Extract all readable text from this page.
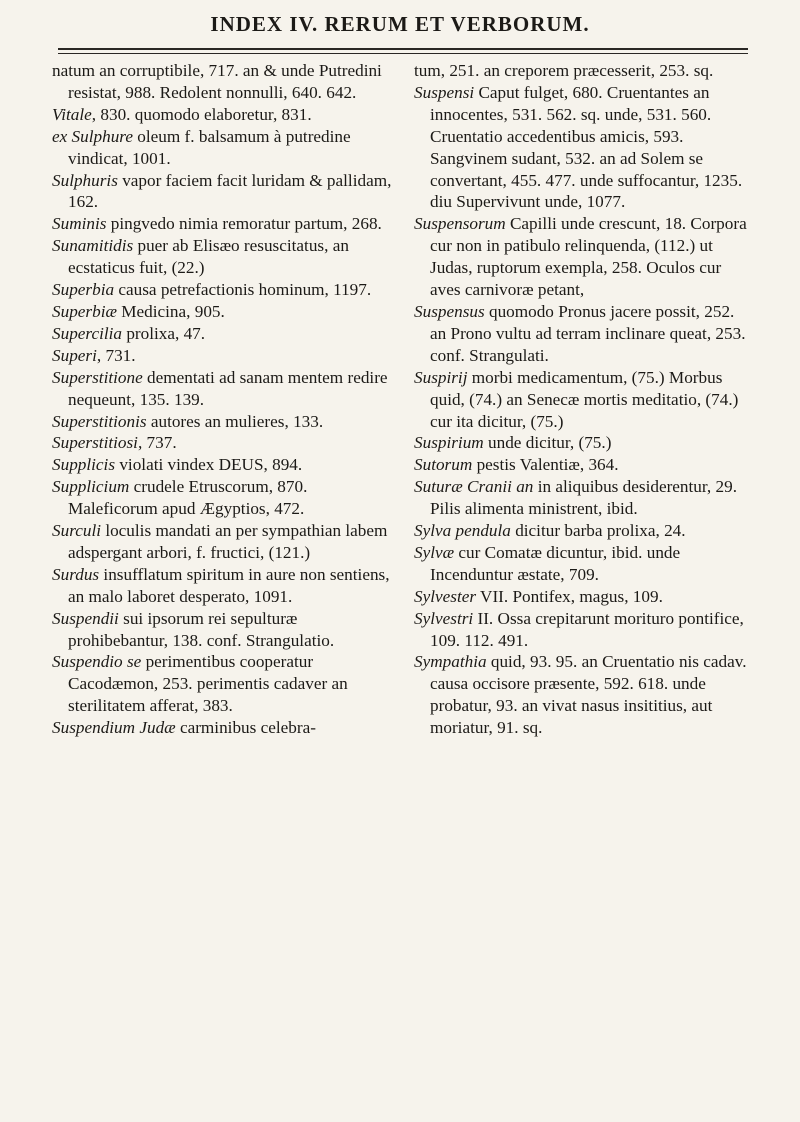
INDEX IV. RERUM ET VERBORUM.

natum an corruptibile, 717. an & unde Putredini resistat, 988. Redolent nonnulli, 640. 642.

Vitale, 830. quomodo elaboretur, 831.

ex Sulphure oleum f. balsamum à putredine vindicat, 1001.

Sulphuris vapor faciem facit luridam & pallidam, 162.

Suminis pingvedo nimia remoratur partum, 268.

Sunamitidis puer ab Elisæo resuscitatus, an ecstaticus fuit, (22.)

Superbia causa petrefactionis hominum, 1197.

Superbiæ Medicina, 905.

Supercilia prolixa, 47.

Superi, 731.

Superstitione dementati ad sanam mentem redire nequeunt, 135. 139.

Superstitionis autores an mulieres, 133.

Superstitiosi, 737.

Supplicis violati vindex DEUS, 894.

Supplicium crudele Etruscorum, 870. Maleficorum apud Ægyptios, 472.

Surculi loculis mandati an per sympathian labem adspergant arbori, f. fructici, (121.)

Surdus insufflatum spiritum in aure non sentiens, an malo laboret desperato, 1091.

Suspendii sui ipsorum rei sepulturæ prohibebantur, 138. conf. Strangulatio.

Suspendio se perimentibus cooperatur Cacodæmon, 253. perimentis cadaver an sterilitatem afferat, 383.

Suspendium Judæ carminibus celebra-

tum, 251. an creporem præcesserit, 253. sq.

Suspensi Caput fulget, 680. Cruentantes an innocentes, 531. 562. sq. unde, 531. 560. Cruentatio accedentibus amicis, 593. Sangvinem sudant, 532. an ad Solem se convertant, 455. 477. unde suffocantur, 1235. diu Supervivunt unde, 1077.

Suspensorum Capilli unde crescunt, 18. Corpora cur non in patibulo relinquenda, (112.) ut Judas, ruptorum exempla, 258. Oculos cur aves carnivoræ petant,

Suspensus quomodo Pronus jacere possit, 252. an Prono vultu ad terram inclinare queat, 253. conf. Strangulati.

Suspirij morbi medicamentum, (75.) Morbus quid, (74.) an Senecæ mortis meditatio, (74.) cur ita dicitur, (75.)

Suspirium unde dicitur, (75.)

Sutorum pestis Valentiæ, 364.

Suturæ Cranii an in aliquibus desiderentur, 29. Pilis alimenta ministrent, ibid.

Sylva pendula dicitur barba prolixa, 24.

Sylvæ cur Comatæ dicuntur, ibid. unde Incenduntur æstate, 709.

Sylvester VII. Pontifex, magus, 109.

Sylvestri II. Ossa crepitarunt morituro pontifice, 109. 112. 491.

Sympathia quid, 93. 95. an Cruentatio nis cadav. causa occisore præsente, 592. 618. unde probatur, 93. an vivat nasus insititius, aut moriatur, 91. sq.
